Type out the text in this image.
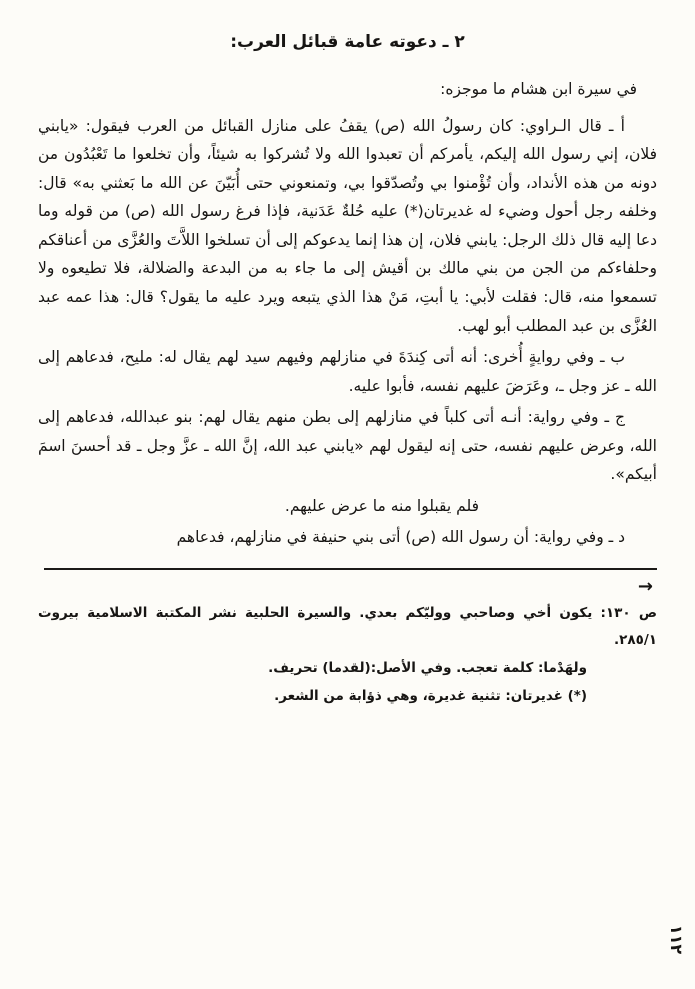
٢ ـ دعوته عامة قبائل العرب:

في سيرة ابن هشام ما موجزه:

أ ـ قال الـراوي: كان رسولُ الله (ص) يقفُ على منازل القبائل من العرب فيقول: «يابني فلان، إني رسول الله إليكم، يأمركم أن تعبدوا الله ولا تُشركوا به شيئاً، وأن تخلعوا ما تَعْبُدُون من دونه من هذه الأنداد، وأن تُؤْمنوا بي وتُصدّقوا بي، وتمنعوني حتى أُبَيّنَ عن الله ما بَعثني به» قال: وخلفه رجل أحول وضيء له غديرتان(*) عليه حُلةٌ عَدَنية، فإذا فرغ رسول الله (ص) من قوله وما دعا إليه قال ذلك الرجل: يابني فلان، إن هذا إنما يدعوكم إلى أن تسلخوا اللاَّتَ والعُزَّى من أعناقكم وحلفاءكم من الجن من بني مالك بن أقيش إلى ما جاء به من البدعة والضلالة، فلا تطيعوه ولا تسمعوا منه، قال: فقلت لأبي: يا أبتِ، مَنْ هذا الذي يتبعه ويرد عليه ما يقول؟ قال: هذا عمه عبد العُزَّى بن عبد المطلب أبو لهب.

ب ـ وفي روايةٍ أُخرى: أنه أتى كِندَةَ في منازلهم وفيهم سيد لهم يقال له: مليح، فدعاهم إلى الله ـ عز وجل ـ، وعَرَضَ عليهم نفسه، فأبوا عليه.

ج ـ وفي رواية: أنـه أتى كلباً في منازلهم إلى بطن منهم يقال لهم: بنو عبدالله، فدعاهم إلى الله، وعرض عليهم نفسه، حتى إنه ليقول لهم «يابني عبد الله، إنَّ الله ـ عزَّ وجل ـ قد أحسنَ اسمَ أبيكم».

فلم يقبلوا منه ما عرض عليهم.

د ـ وفي رواية: أن رسول الله (ص) أتى بني حنيفة في منازلهم، فدعاهم

→

ص ١٣٠: يكون أخي وصاحبي ووليّكم بعدي. والسيرة الحلبية نشر المكتبة الاسلامية بيروت ٢٨٥/١.

ولهَدْما: كلمة تعجب. وفي الأصل:(لقدما) تحريف.

(*) غديرتان: تثنية غديرة، وهي ذؤابة من الشعر.

١١٢
